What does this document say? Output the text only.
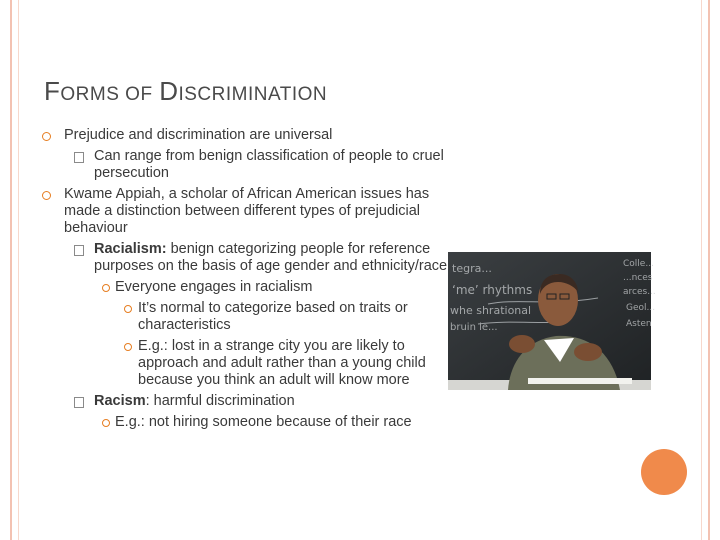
FORMS OF DISCRIMINATION
Prejudice and discrimination are universal
Can range from benign classification of people to cruel persecution
Kwame Appiah, a scholar of African American issues has made a distinction between different types of prejudicial behaviour
Racialism: benign categorizing people for reference purposes on the basis of age gender and ethnicity/race
Everyone engages in racialism
It’s normal to categorize based on traits or characteristics
E.g.: lost in a strange city you are likely to approach and adult rather than a young child because you think an adult will know more
Racism: harmful discrimination
E.g.: not hiring someone because of their race
tegra...
‘me’ rhythms
whe shrational
bruin le...
Colle...
...nces
arces...
Geol...
Asten
